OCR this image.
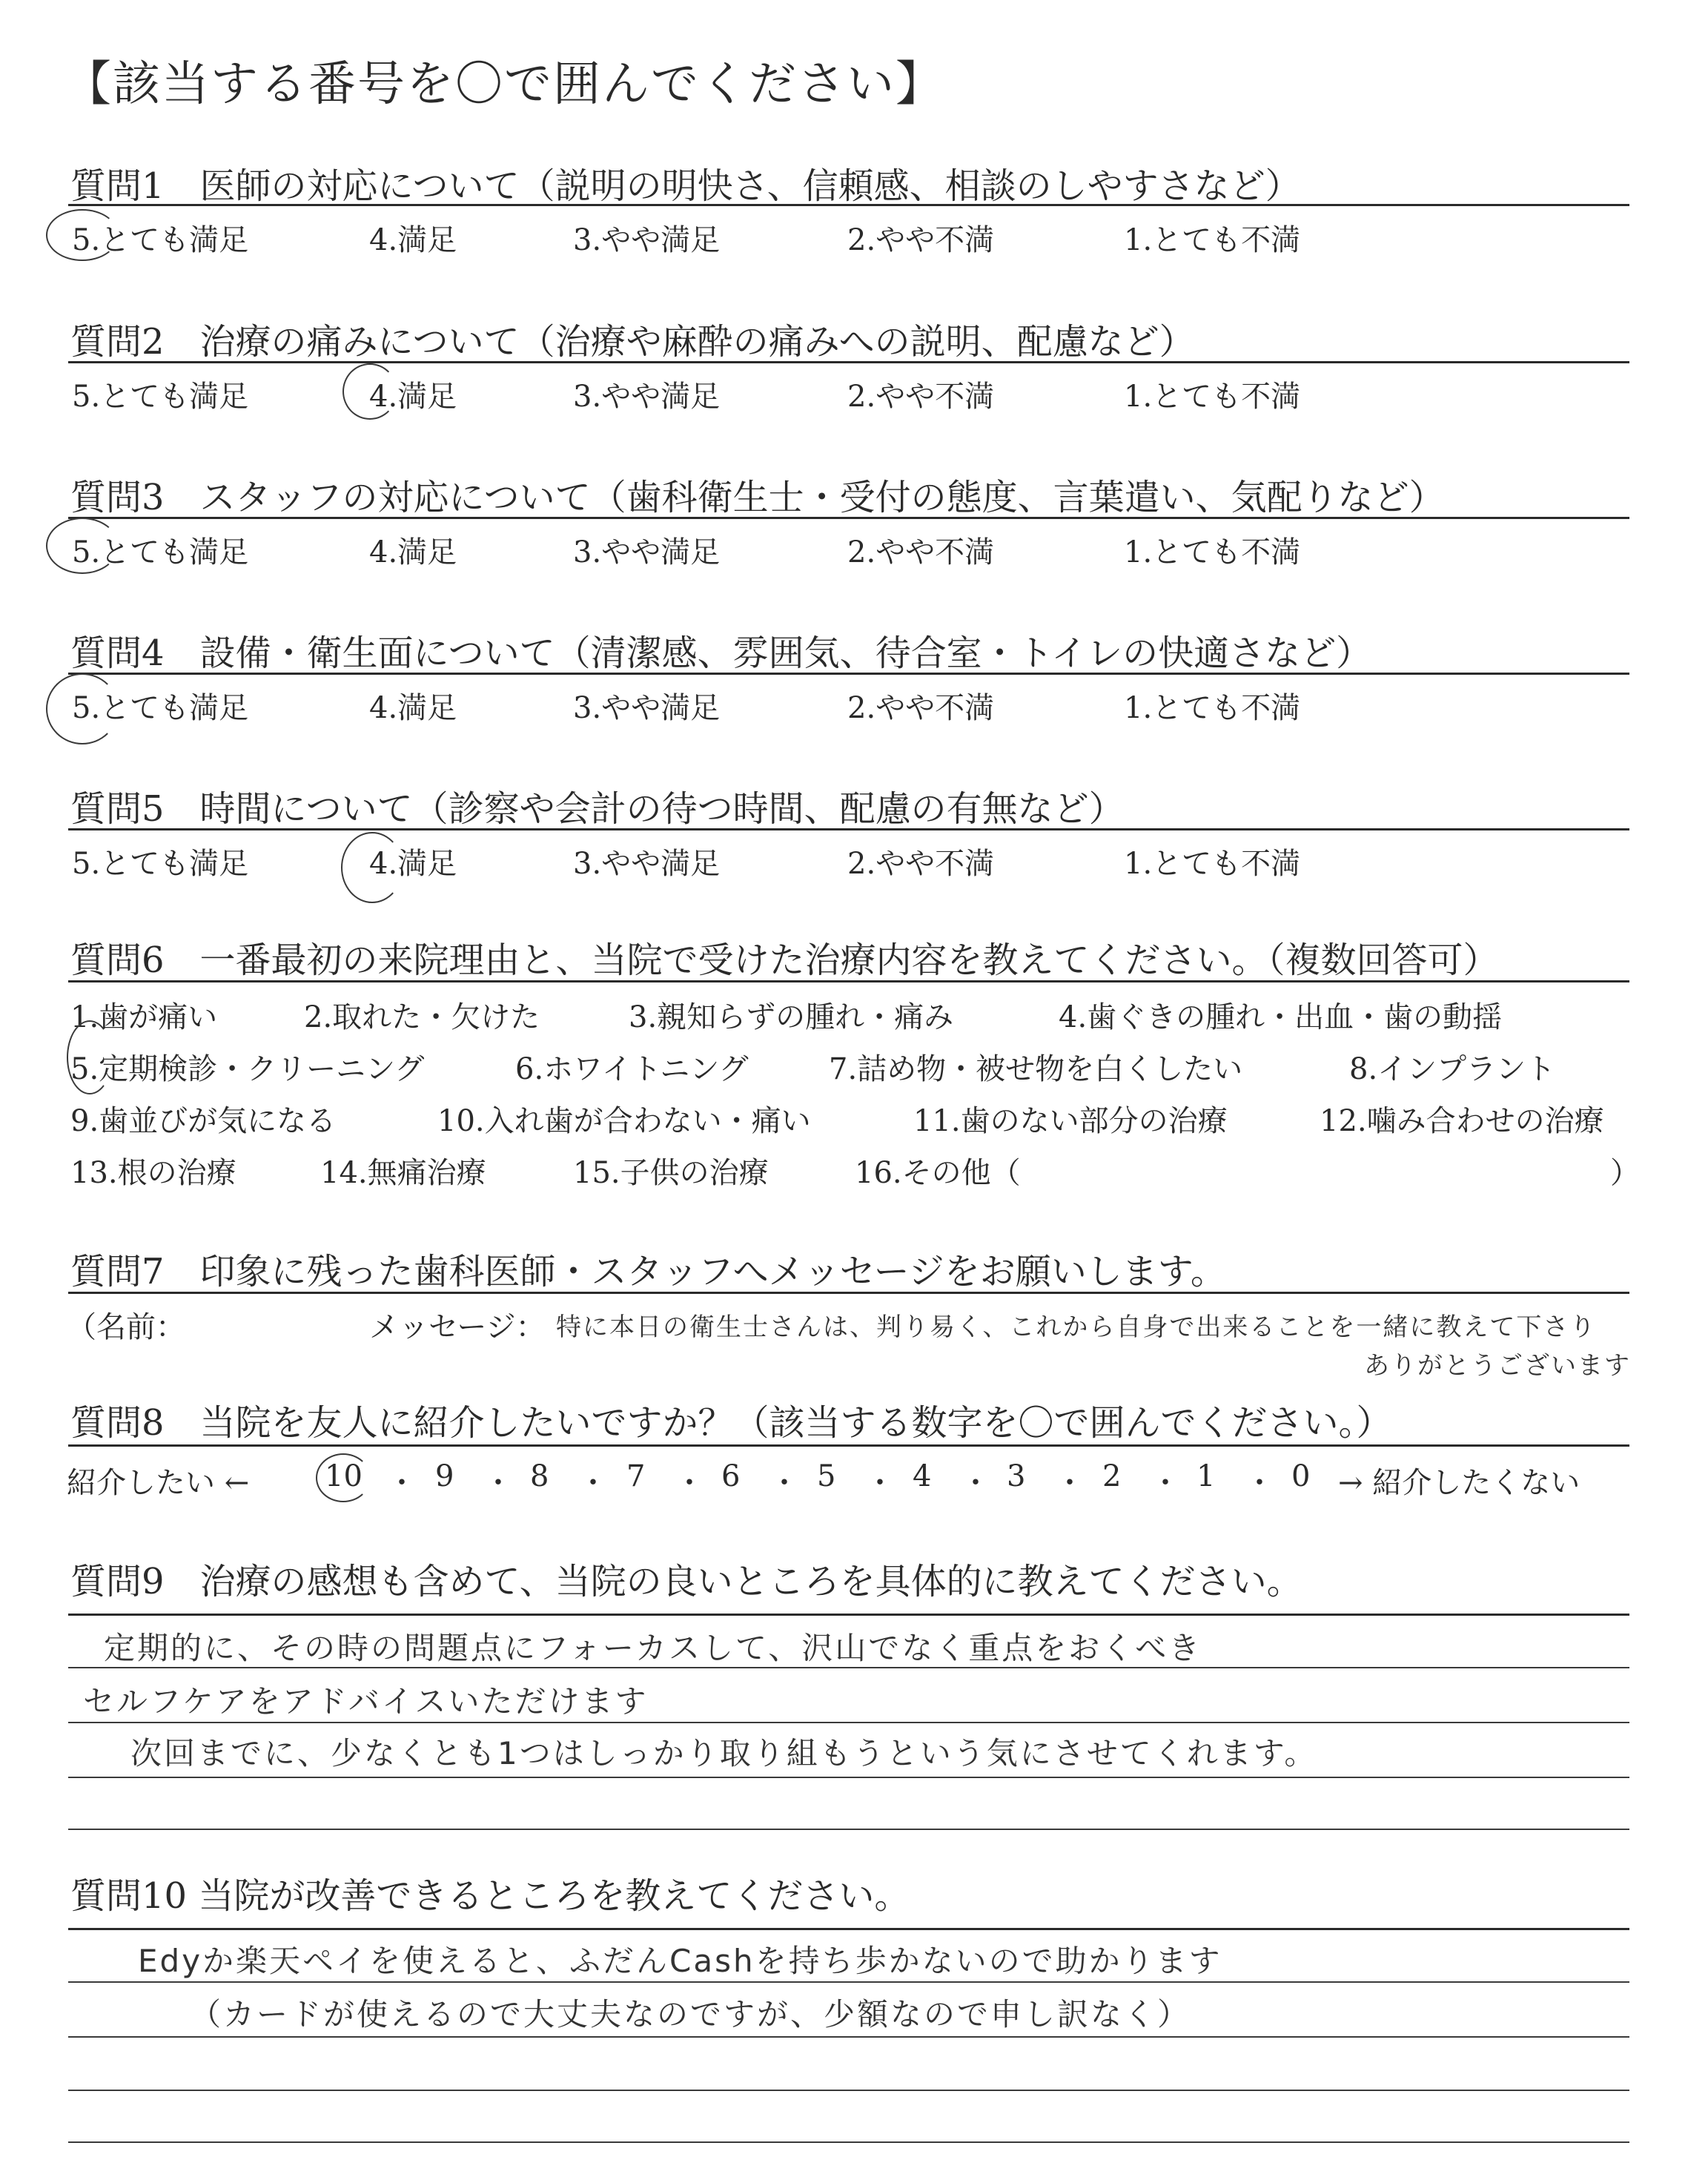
【該当する番号を〇で囲んでください】
質問1　医師の対応について（説明の明快さ、信頼感、相談のしやすさなど）
5.とても満足	4.満足	3.やや満足	2.やや不満	1.とても不満
質問2　治療の痛みについて（治療や麻酔の痛みへの説明、配慮など）
5.とても満足	4.満足	3.やや満足	2.やや不満	1.とても不満
質問3　スタッフの対応について（歯科衛生士・受付の態度、言葉遣い、気配りなど）
5.とても満足	4.満足	3.やや満足	2.やや不満	1.とても不満
質問4　設備・衛生面について（清潔感、雰囲気、待合室・トイレの快適さなど）
5.とても満足	4.満足	3.やや満足	2.やや不満	1.とても不満
質問5　時間について（診察や会計の待つ時間、配慮の有無など）
5.とても満足	4.満足	3.やや満足	2.やや不満	1.とても不満
質問6　一番最初の来院理由と、当院で受けた治療内容を教えてください。（複数回答可）
1.歯が痛い	2.取れた・欠けた	3.親知らずの腫れ・痛み	4.歯ぐきの腫れ・出血・歯の動揺
5.定期検診・クリーニング	6.ホワイトニング	7.詰め物・被せ物を白くしたい	8.インプラント
9.歯並びが気になる	10.入れ歯が合わない・痛い	11.歯のない部分の治療	12.噛み合わせの治療
13.根の治療	14.無痛治療	15.子供の治療	16.その他（	）
質問7　印象に残った歯科医師・スタッフへメッセージをお願いします。
（名前：	メッセージ： 特に本日の衛生士さんは、判り易く、これから自身で出来ることを一緒に教えて下さり
ありがとうございます
質問8　当院を友人に紹介したいですか？（該当する数字を〇で囲んでください。）
紹介したい ←	10 ・ 9 ・ 8 ・ 7 ・ 6 ・ 5 ・ 4 ・ 3 ・ 2 ・ 1 ・ 0 → 紹介したくない
質問9　治療の感想も含めて、当院の良いところを具体的に教えてください。
定期的に、その時の問題点にフォーカスして、沢山でなく重点をおくべき
セルフケアをアドバイスいただけます
次回までに、少なくとも1つはしっかり取り組もうという気にさせてくれます。
質問10 当院が改善できるところを教えてください。
Edyか楽天ペイを使えると、ふだんCashを持ち歩かないので助かります
（カードが使えるので大丈夫なのですが、少額なので申し訳なく）
